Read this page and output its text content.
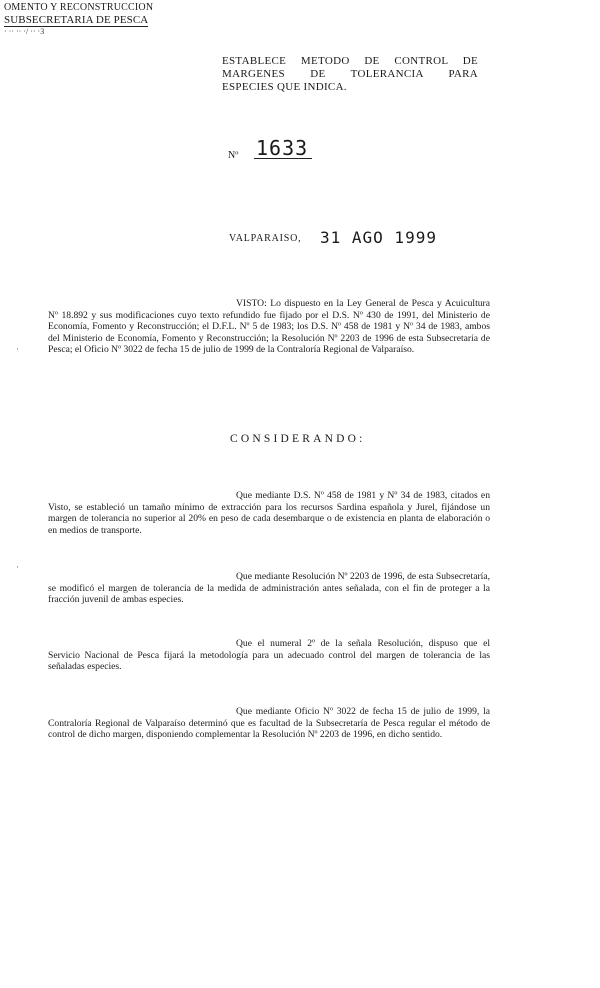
OMENTO Y RECONSTRUCCION
SUBSECRETARIA DE PESCA
· ·· ·· ·/ ·· ·3
ESTABLECE METODO DE CONTROL DE
MARGENES DE TOLERANCIA PARA
ESPECIES QUE INDICA.
Nº 1633
VALPARAISO, 31 AGO 1999

VISTO: Lo dispuesto en la Ley General de Pesca y Acuicultura Nº 18.892 y sus modificaciones cuyo texto refundido fue fijado por el D.S. Nº 430 de 1991, del Ministerio de Economía, Fomento y Reconstrucción; el D.F.L. Nº 5 de 1983; los D.S. Nº 458 de 1981 y Nº 34 de 1983, ambos del Ministerio de Economía, Fomento y Reconstrucción; la Resolución Nº 2203 de 1996 de esta Subsecretaría de Pesca; el Oficio Nº 3022 de fecha 15 de julio de 1999 de la Contraloría Regional de Valparaíso.

CONSIDERANDO:

Que mediante D.S. Nº 458 de 1981 y Nº 34 de 1983, citados en Visto, se estableció un tamaño mínimo de extracción para los recursos Sardina española y Jurel, fijándose un margen de tolerancia no superior al 20% en peso de cada desembarque o de existencia en planta de elaboración o en medios de transporte.

Que mediante Resolución Nº 2203 de 1996, de esta Subsecretaría, se modificó el margen de tolerancia de la medida de administración antes señalada, con el fin de proteger a la fracción juvenil de ambas especies.

Que el numeral 2º de la señala Resolución, dispuso que el Servicio Nacional de Pesca fijará la metodología para un adecuado control del margen de tolerancia de las señaladas especies.

Que mediante Oficio Nº 3022 de fecha 15 de julio de 1999, la Contraloría Regional de Valparaíso determinó que es facultad de la Subsecretaría de Pesca regular el método de control de dicho margen, disponiendo complementar la Resolución Nº 2203 de 1996, en dicho sentido.

·
·
